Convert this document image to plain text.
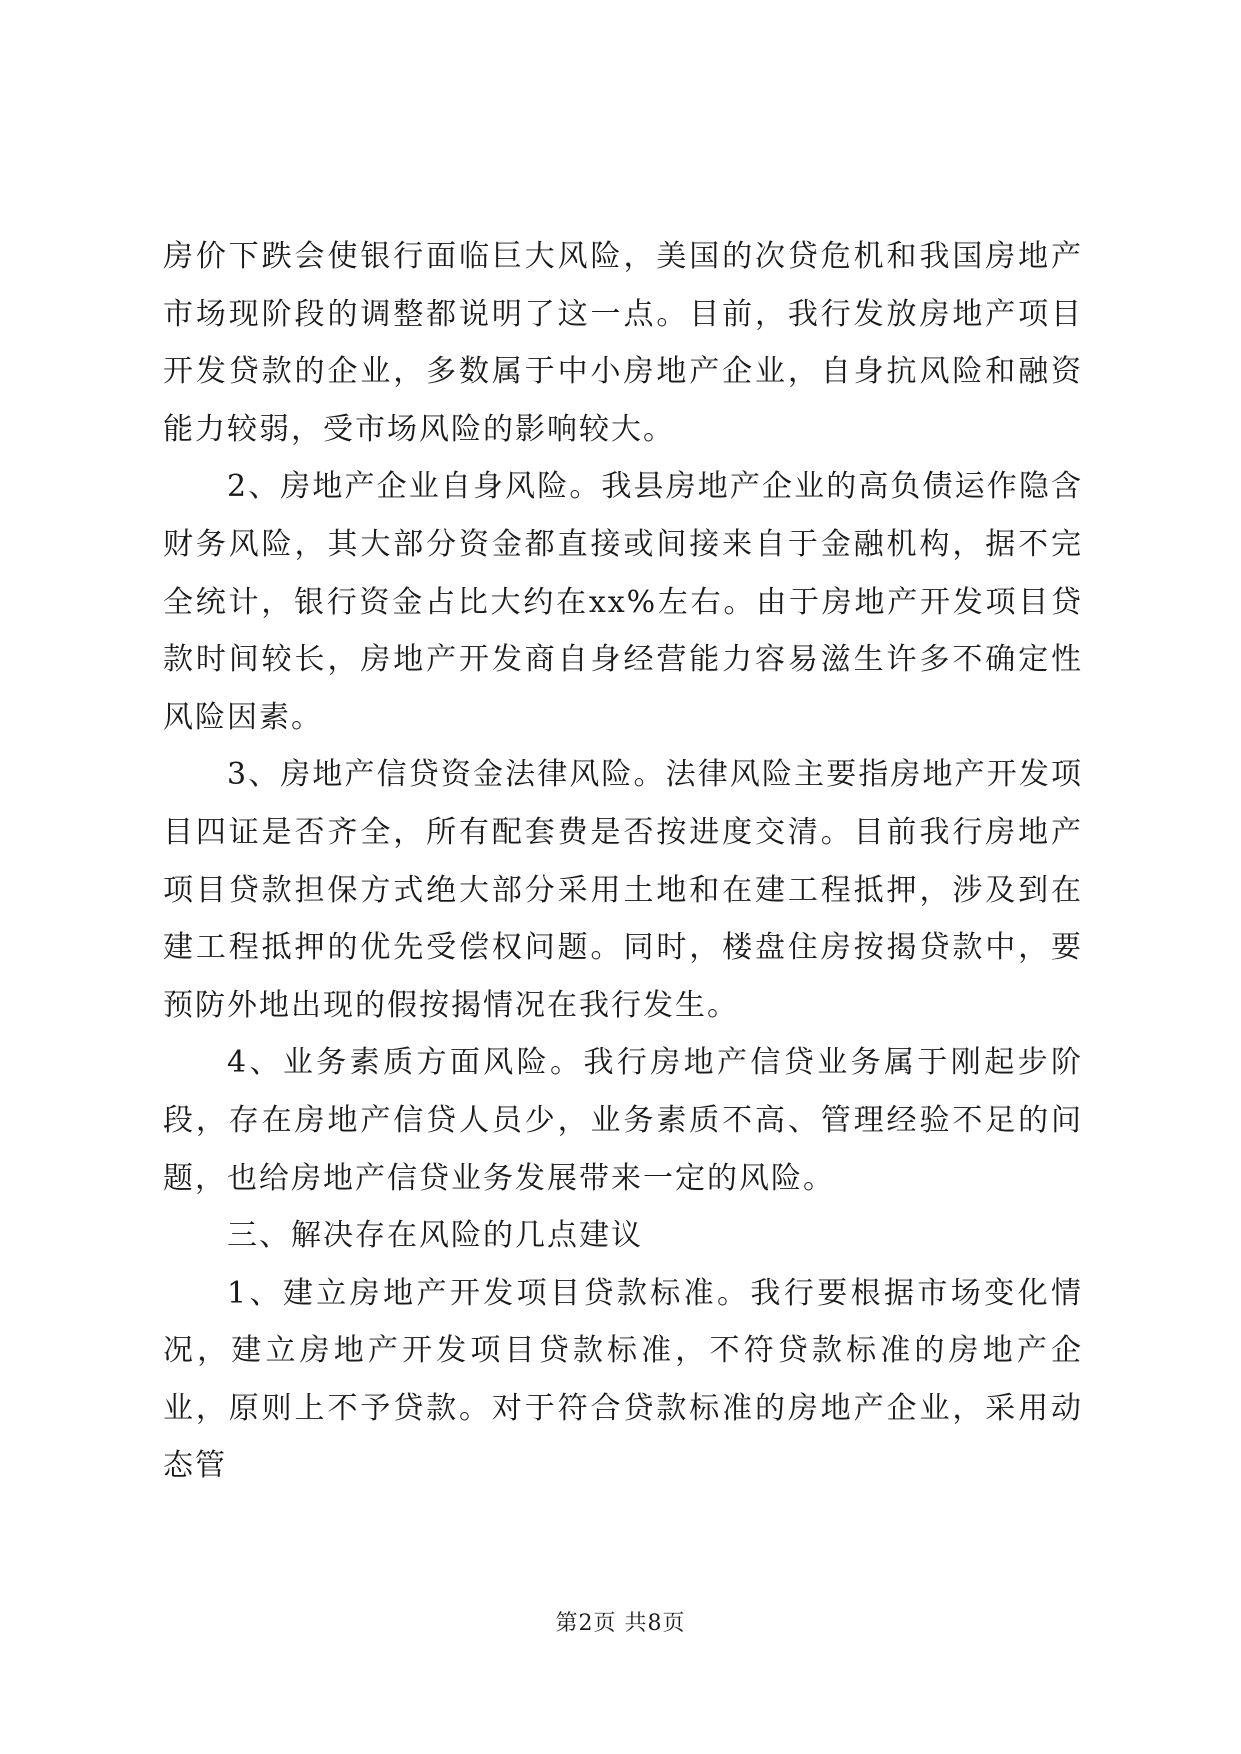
房价下跌会使银行面临巨大风险，美国的次贷危机和我国房地产市场现阶段的调整都说明了这一点。目前，我行发放房地产项目开发贷款的企业，多数属于中小房地产企业，自身抗风险和融资能力较弱，受市场风险的影响较大。

2、房地产企业自身风险。我县房地产企业的高负债运作隐含财务风险，其大部分资金都直接或间接来自于金融机构，据不完全统计，银行资金占比大约在xx%左右。由于房地产开发项目贷款时间较长，房地产开发商自身经营能力容易滋生许多不确定性风险因素。

3、房地产信贷资金法律风险。法律风险主要指房地产开发项目四证是否齐全，所有配套费是否按进度交清。目前我行房地产项目贷款担保方式绝大部分采用土地和在建工程抵押，涉及到在建工程抵押的优先受偿权问题。同时，楼盘住房按揭贷款中，要预防外地出现的假按揭情况在我行发生。

4、业务素质方面风险。我行房地产信贷业务属于刚起步阶段，存在房地产信贷人员少，业务素质不高、管理经验不足的问题，也给房地产信贷业务发展带来一定的风险。

三、解决存在风险的几点建议

1、建立房地产开发项目贷款标准。我行要根据市场变化情况，建立房地产开发项目贷款标准，不符贷款标准的房地产企业，原则上不予贷款。对于符合贷款标准的房地产企业，采用动态管

第2页 共8页
